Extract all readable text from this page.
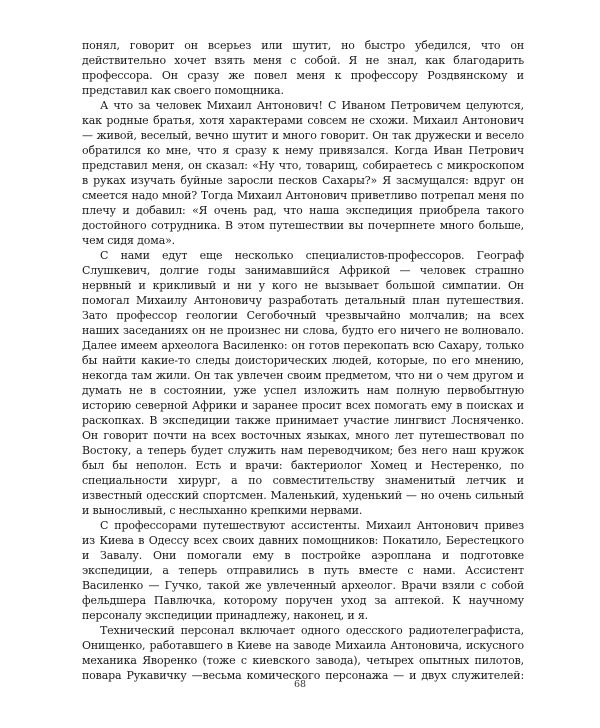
понял, говорит он всерьез или шутит, но быстро убедился, что он действительно хочет взять меня с собой. Я не знал, как благодарить профессора. Он сразу же повел меня к профессору Роздвянскому и представил как своего помощника.

А что за человек Михаил Антонович! С Иваном Петровичем целуются, как родные братья, хотя характерами совсем не схожи. Михаил Антонович — живой, веселый, вечно шутит и много говорит. Он так дружески и весело обратился ко мне, что я сразу к нему привязался. Когда Иван Петрович представил меня, он сказал: «Ну что, товарищ, собираетесь с микроскопом в руках изучать буйные заросли песков Сахары?» Я засмущался: вдруг он смеется надо мной? Тогда Михаил Антонович приветливо потрепал меня по плечу и добавил: «Я очень рад, что наша экспедиция приобрела такого достойного сотрудника. В этом путешествии вы почерпнете много больше, чем сидя дома».

С нами едут еще несколько специалистов-профессоров. Географ Слушкевич, долгие годы занимавшийся Африкой — человек страшно нервный и крикливый и ни у кого не вызывает большой симпатии. Он помогал Михаилу Антоновичу разработать детальный план путешествия. Зато профессор геологии Сегобочный чрезвычайно молчалив; на всех наших заседаниях он не произнес ни слова, будто его ничего не волновало. Далее имеем археолога Василенко: он готов перекопать всю Сахару, только бы найти какие-то следы доисторических людей, которые, по его мнению, некогда там жили. Он так увлечен своим предметом, что ни о чем другом и думать не в состоянии, уже успел изложить нам полную первобытную историю северной Африки и заранее просит всех помогать ему в поисках и раскопках. В экспедиции также принимает участие лингвист Лосняченко. Он говорит почти на всех восточных языках, много лет путешествовал по Востоку, а теперь будет служить нам переводчиком; без него наш кружок был бы неполон. Есть и врачи: бактериолог Хомец и Нестеренко, по специальности хирург, а по совместительству знаменитый летчик и известный одесский спортсмен. Маленький, худенький — но очень сильный и выносливый, с неслыханно крепкими нервами.

С профессорами путешествуют ассистенты. Михаил Антонович привез из Киева в Одессу всех своих давних помощников: Покатило, Берестецкого и Завалу. Они помогали ему в постройке аэроплана и подготовке экспедиции, а теперь отправились в путь вместе с нами. Ассистент Василенко — Гучко, такой же увлеченный археолог. Врачи взяли с собой фельдшера Павлючка, которому поручен уход за аптекой. К научному персоналу экспедиции принадлежу, наконец, и я.

Технический персонал включает одного одесского радиотелеграфиста, Онищенко, работавшего в Киеве на заводе Михаила Антоновича, искусного механика Яворенко (тоже с киевского завода), четырех опытных пилотов, повара Рукавичку —весьма комического персонажа — и двух служителей:

68
